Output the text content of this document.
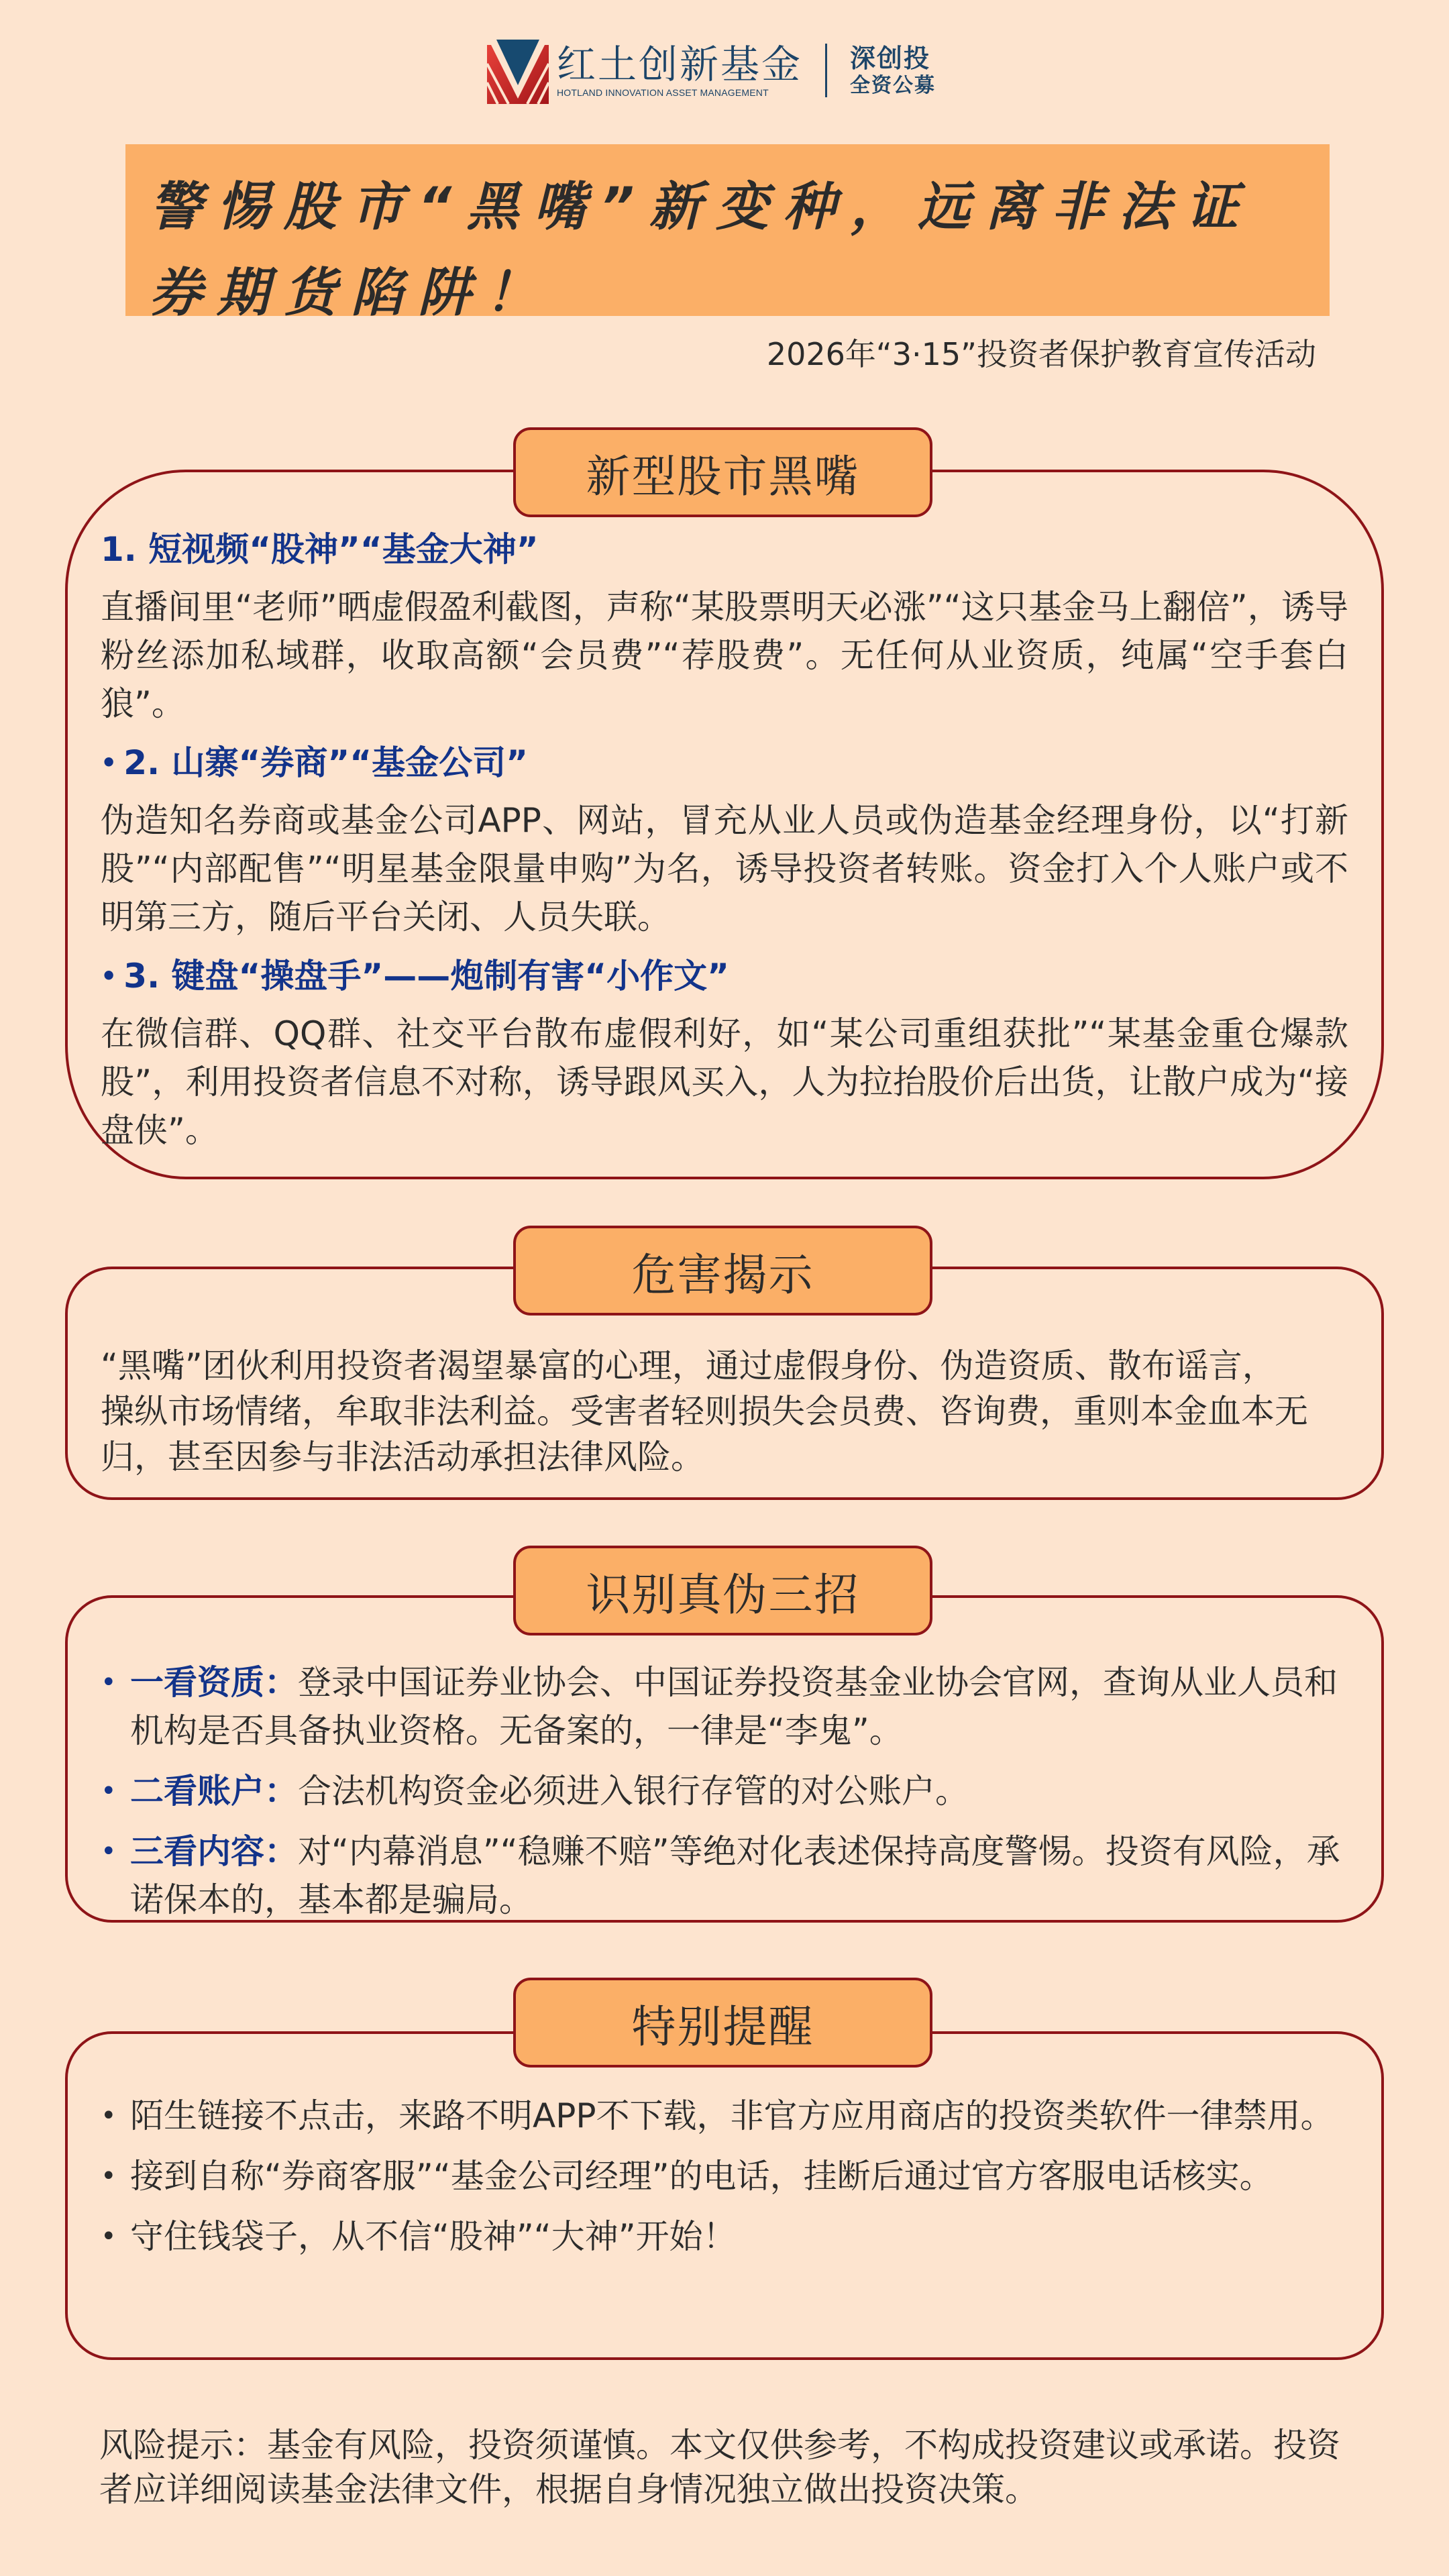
红土创新基金
HOTLAND INNOVATION ASSET MANAGEMENT
深创投
全资公募
警惕股市“黑嘴”新变种，远离非法证券期货陷阱！
2026年“3·15”投资者保护教育宣传活动
新型股市黑嘴
1. 短视频“股神”“基金大神”
直播间里“老师”晒虚假盈利截图，声称“某股票明天必涨”“这只基金马上翻倍”，诱导粉丝添加私域群，收取高额“会员费”“荐股费”。无任何从业资质，纯属“空手套白狼”。
• 2. 山寨“券商”“基金公司”
伪造知名券商或基金公司APP、网站，冒充从业人员或伪造基金经理身份，以“打新股”“内部配售”“明星基金限量申购”为名，诱导投资者转账。资金打入个人账户或不明第三方，随后平台关闭、人员失联。
• 3. 键盘“操盘手”——炮制有害“小作文”
在微信群、QQ群、社交平台散布虚假利好，如“某公司重组获批”“某基金重仓爆款股”，利用投资者信息不对称，诱导跟风买入，人为拉抬股价后出货，让散户成为“接盘侠”。
危害揭示
“黑嘴”团伙利用投资者渴望暴富的心理，通过虚假身份、伪造资质、散布谣言，操纵市场情绪，牟取非法利益。受害者轻则损失会员费、咨询费，重则本金血本无归，甚至因参与非法活动承担法律风险。
识别真伪三招
• 一看资质：登录中国证券业协会、中国证券投资基金业协会官网，查询从业人员和机构是否具备执业资格。无备案的，一律是“李鬼”。
• 二看账户：合法机构资金必须进入银行存管的对公账户。
• 三看内容：对“内幕消息”“稳赚不赔”等绝对化表述保持高度警惕。投资有风险，承诺保本的，基本都是骗局。
特别提醒
• 陌生链接不点击，来路不明APP不下载，非官方应用商店的投资类软件一律禁用。
• 接到自称“券商客服”“基金公司经理”的电话，挂断后通过官方客服电话核实。
• 守住钱袋子，从不信“股神”“大神”开始！
风险提示：基金有风险，投资须谨慎。本文仅供参考，不构成投资建议或承诺。投资者应详细阅读基金法律文件，根据自身情况独立做出投资决策。
